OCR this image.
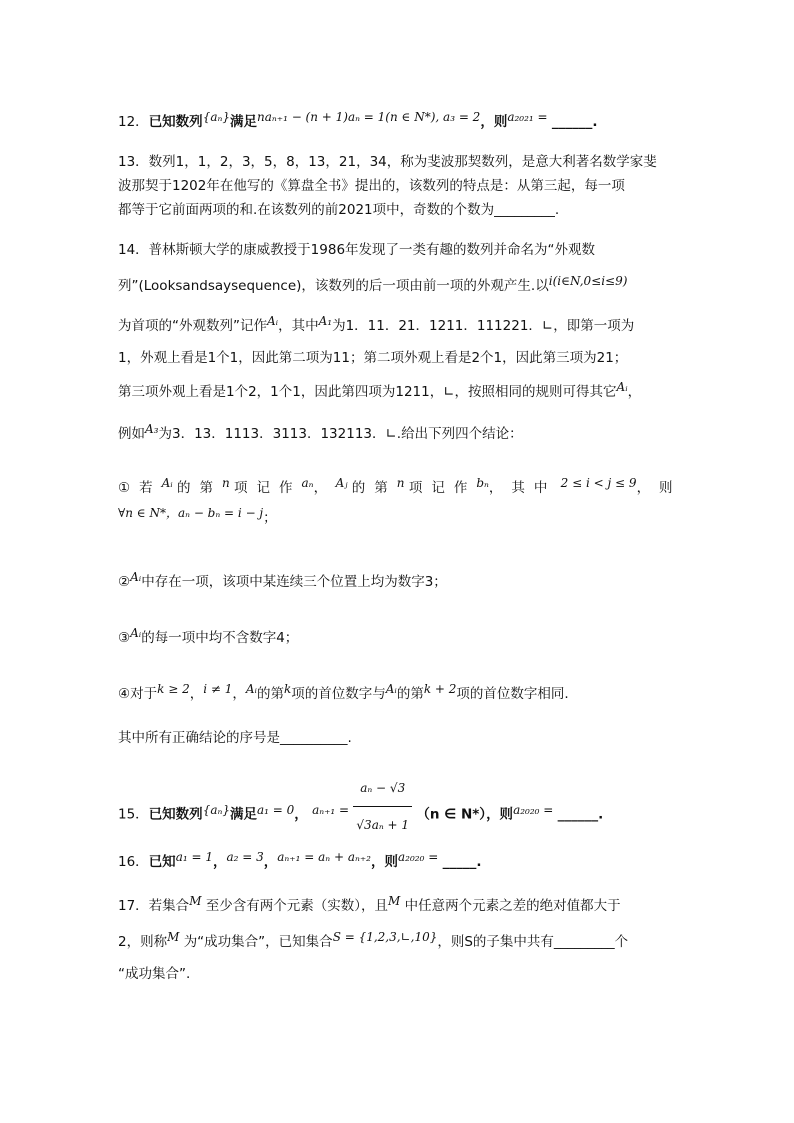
12．已知数列{aₙ}满足naₙ₊₁ − (n + 1)aₙ = 1(n ∈ N*), a₃ = 2，则a₂₀₂₁ = ______.
13．数列1，1，2，3，5，8，13，21，34，称为斐波那契数列，是意大利著名数学家斐
波那契于1202年在他写的《算盘全书》提出的，该数列的特点是：从第三起，每一项
都等于它前面两项的和.在该数列的前2021项中，奇数的个数为_________.
14．普林斯顿大学的康威教授于1986年发现了一类有趣的数列并命名为“外观数
列”(Looksandsaysequence)，该数列的后一项由前一项的外观产生.以i(i∈N,0≤i≤9)
为首项的“外观数列”记作Aᵢ，其中A₁为1．11．21．1211．111221．∟，即第一项为
1，外观上看是1个1，因此第二项为11；第二项外观上看是2个1，因此第三项为21；
第三项外观上看是1个2，1个1，因此第四项为1211，∟，按照相同的规则可得其它Aᵢ，
例如A₃为3．13．1113．3113．132113．∟.给出下列四个结论：
①若Aᵢ 的第n 项记作aₙ， Aⱼ 的第n 项记作bₙ，其中 2 ≤ i < j ≤ 9，则
∀n ∈ N*，aₙ − bₙ = i − j；
②Aᵢ中存在一项，该项中某连续三个位置上均为数字3；
③Aᵢ的每一项中均不含数字4；
④对于k ≥ 2，i ≠ 1，Aᵢ的第k项的首位数字与Aᵢ的第k + 2项的首位数字相同.
其中所有正确结论的序号是__________.
15．已知数列{aₙ}满足a₁ = 0， $a_{n+1} = \frac{\text{aₙ − √3}}{\text{√3aₙ + 1}} (n$ ∈ N*），则a₂₀₂₀ = ______.
16．已知a₁ = 1，a₂ = 3，aₙ₊₁ = aₙ + aₙ₊₂，则a₂₀₂₀ = _____.
17．若集合M 至少含有两个元素（实数），且M 中任意两个元素之差的绝对值都大于
2，则称M 为“成功集合”，已知集合S = {1,2,3,∟,10}，则S的子集中共有_________个
“成功集合”.
